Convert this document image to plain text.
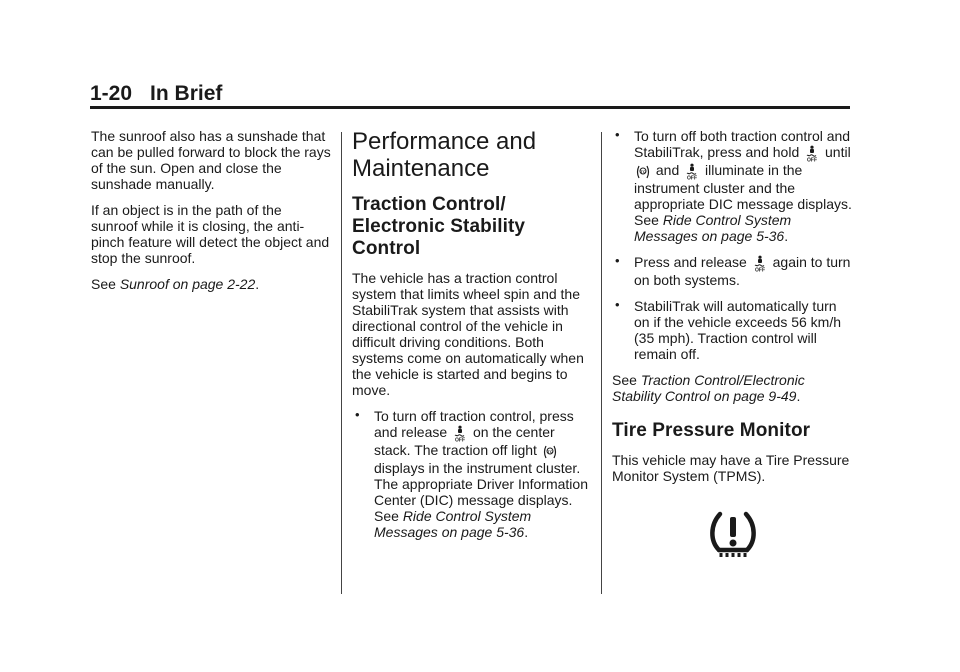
1-20 In Brief

The sunroof also has a sunshade that can be pulled forward to block the rays of the sun. Open and close the sunshade manually.

If an object is in the path of the sunroof while it is closing, the anti-pinch feature will detect the object and stop the sunroof.

See Sunroof on page 2-22.

Performance and Maintenance
Traction Control/ Electronic Stability Control

The vehicle has a traction control system that limits wheel spin and the StabiliTrak system that assists with directional control of the vehicle in difficult driving conditions. Both systems come on automatically when the vehicle is started and begins to move.

• To turn off traction control, press and release
OFF
on the center stack. The traction off light TC
displays in the instrument cluster. The appropriate Driver Information Center (DIC) message displays. See Ride Control System Messages on page 5-36.
• To turn off both traction control and StabiliTrak, press and hold
OFF
until
TC and
OFF
illuminate in the instrument cluster and the appropriate DIC message displays. See Ride Control System Messages on page 5-36.
• Press and release
OFF
again to turn on both systems.
• StabiliTrak will automatically turn on if the vehicle exceeds 56 km/h (35 mph). Traction control will remain off.

See Traction Control/Electronic Stability Control on page 9-49.

Tire Pressure Monitor

This vehicle may have a Tire Pressure Monitor System (TPMS).
